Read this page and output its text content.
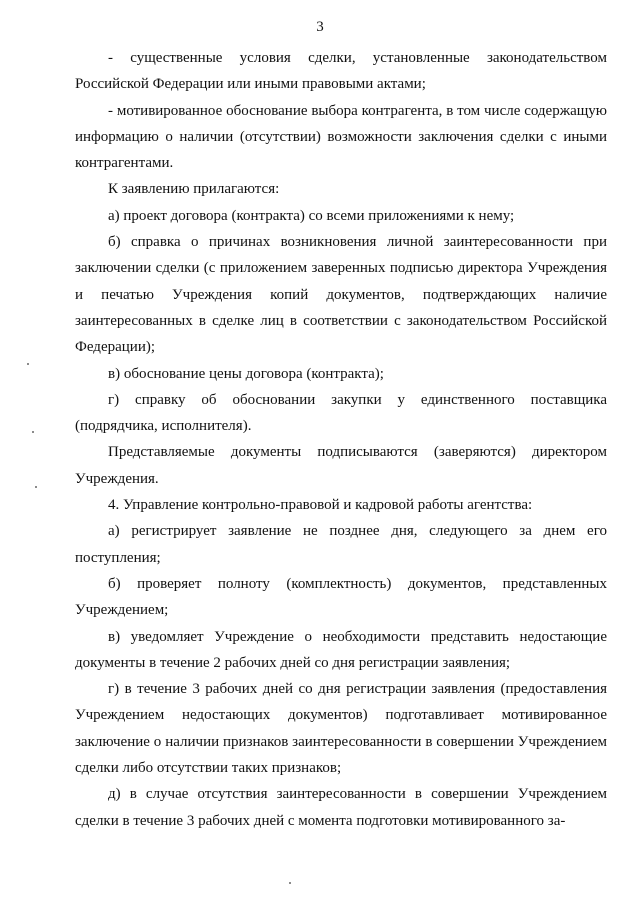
3

- существенные условия сделки, установленные законодательством Российской Федерации или иными правовыми актами;

- мотивированное обоснование выбора контрагента, в том числе содержащую информацию о наличии (отсутствии) возможности заключения сделки с иными контрагентами.

К заявлению прилагаются:

а) проект договора (контракта) со всеми приложениями к нему;

б) справка о причинах возникновения личной заинтересованности при заключении сделки (с приложением заверенных подписью директора Учреждения и печатью Учреждения копий документов, подтверждающих наличие заинтересованных в сделке лиц в соответствии с законодательством Российской Федерации);

в) обоснование цены договора (контракта);

г) справку об обосновании закупки у единственного поставщика (подрядчика, исполнителя).

Представляемые документы подписываются (заверяются) директором Учреждения.

4. Управление контрольно-правовой и кадровой работы агентства:

а) регистрирует заявление не позднее дня, следующего за днем его поступления;

б) проверяет полноту (комплектность) документов, представленных Учреждением;

в) уведомляет Учреждение о необходимости представить недостающие документы в течение 2 рабочих дней со дня регистрации заявления;

г) в течение 3 рабочих дней со дня регистрации заявления (предоставления Учреждением недостающих документов) подготавливает мотивированное заключение о наличии признаков заинтересованности в совершении Учреждением сделки либо отсутствии таких признаков;

д) в случае отсутствия заинтересованности в совершении Учреждением сделки в течение 3 рабочих дней с момента подготовки мотивированного за-
